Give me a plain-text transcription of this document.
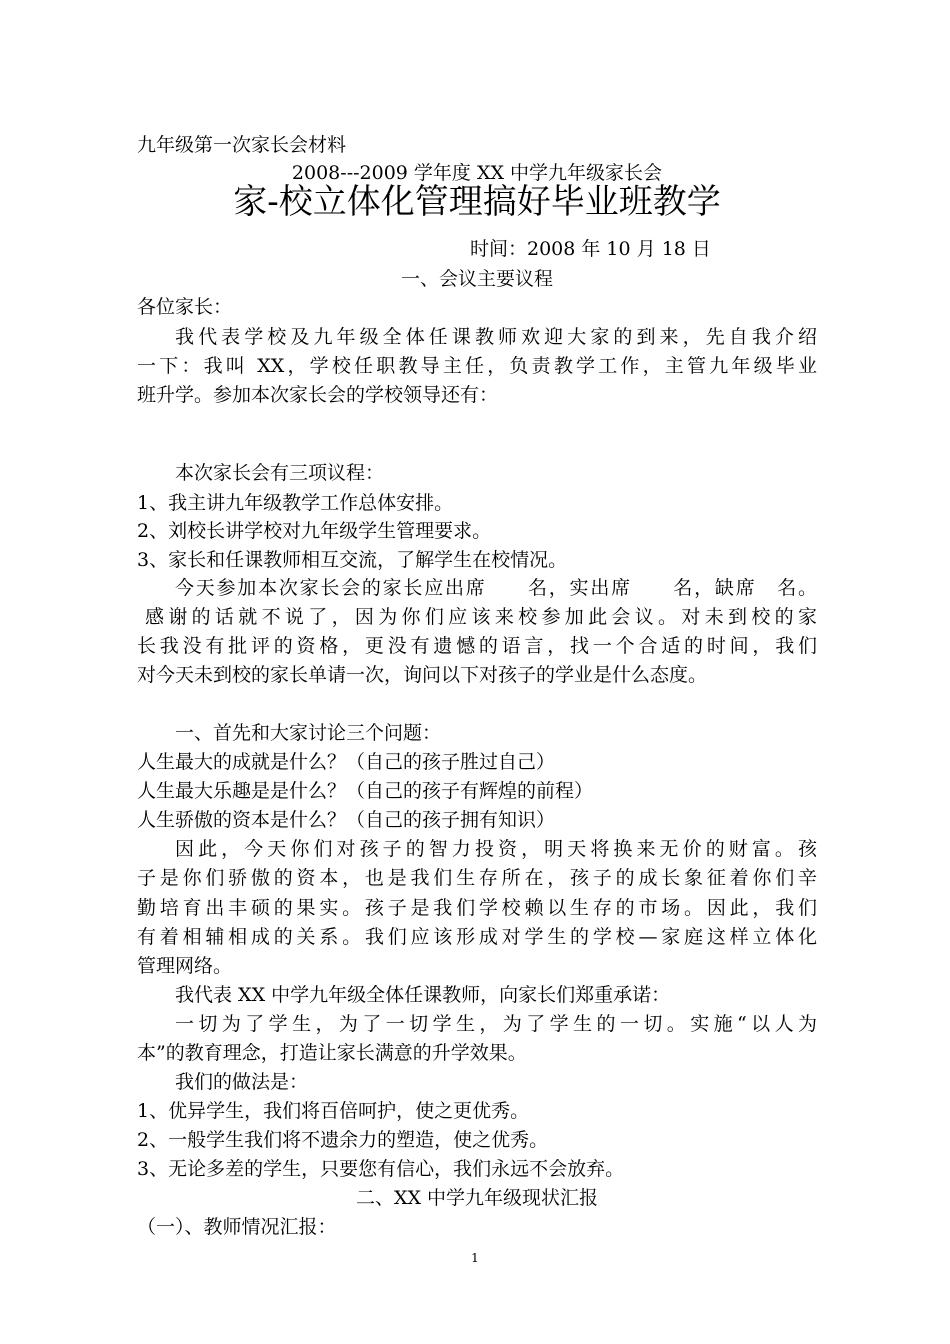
九年级第一次家长会材料
2008---2009 学年度 XX 中学九年级家长会
家-校立体化管理搞好毕业班教学
时间：2008 年 10 月 18 日
一、会议主要议程
各位家长：
我代表学校及九年级全体任课教师欢迎大家的到来，先自我介绍
一下：我叫 XX，学校任职教导主任，负责教学工作，主管九年级毕业
班升学。参加本次家长会的学校领导还有：
本次家长会有三项议程：
1、我主讲九年级教学工作总体安排。
2、刘校长讲学校对九年级学生管理要求。
3、家长和任课教师相互交流，了解学生在校情况。
今天参加本次家长会的家长应出席　　名，实出席　　名，缺席　名。
感谢的话就不说了，因为你们应该来校参加此会议。对未到校的家
长我没有批评的资格，更没有遗憾的语言，找一个合适的时间，我们
对今天未到校的家长单请一次，询问以下对孩子的学业是什么态度。
一、首先和大家讨论三个问题：
人生最大的成就是什么？（自己的孩子胜过自己）
人生最大乐趣是是什么？（自己的孩子有辉煌的前程）
人生骄傲的资本是什么？（自己的孩子拥有知识）
因此，今天你们对孩子的智力投资，明天将换来无价的财富。孩
子是你们骄傲的资本，也是我们生存所在，孩子的成长象征着你们辛
勤培育出丰硕的果实。孩子是我们学校赖以生存的市场。因此，我们
有着相辅相成的关系。我们应该形成对学生的学校—家庭这样立体化
管理网络。
我代表 XX 中学九年级全体任课教师，向家长们郑重承诺：
一切为了学生，为了一切学生，为了学生的一切。实施“以人为
本”的教育理念，打造让家长满意的升学效果。
我们的做法是：
1、优异学生，我们将百倍呵护，使之更优秀。
2、一般学生我们将不遗余力的塑造，使之优秀。
3、无论多差的学生，只要您有信心，我们永远不会放弃。
二、XX 中学九年级现状汇报
（一）、教师情况汇报：
1
